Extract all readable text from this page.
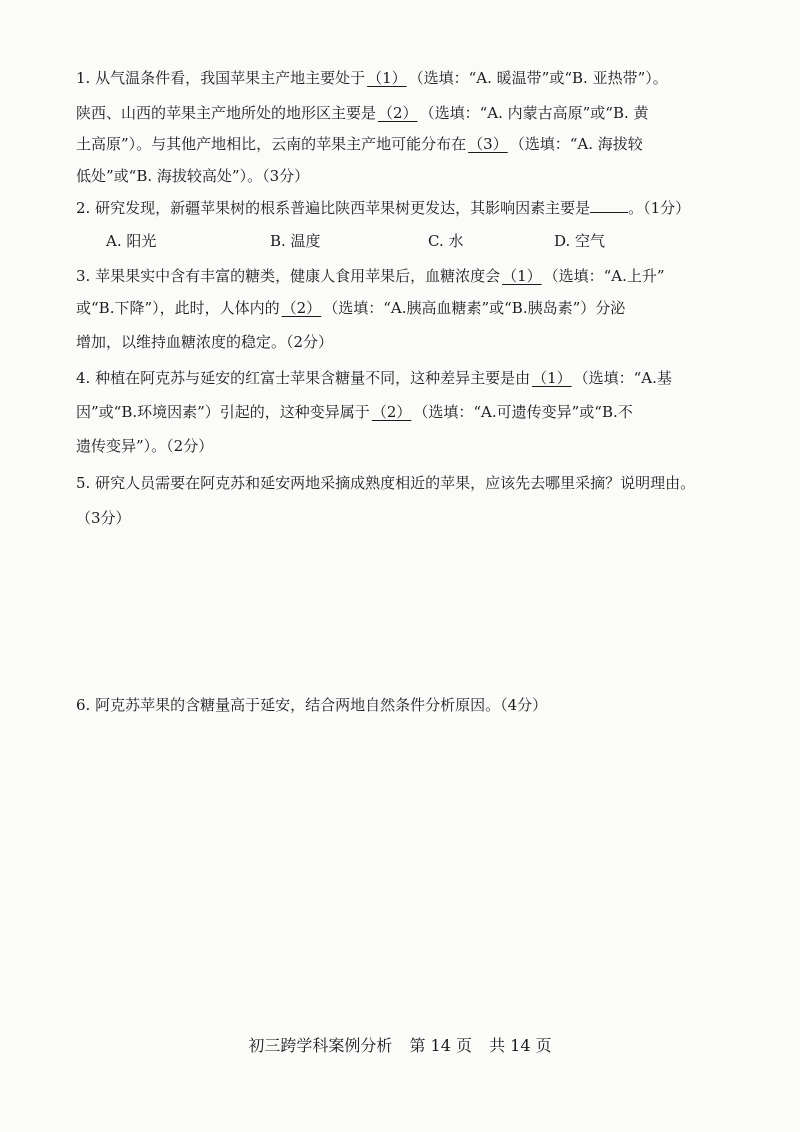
1. 从气温条件看，我国苹果主产地主要处于 （1） （选填：“A. 暖温带”或“B. 亚热带”）。
陕西、山西的苹果主产地所处的地形区主要是 （2） （选填：“A. 内蒙古高原”或“B. 黄
土高原”）。与其他产地相比，云南的苹果主产地可能分布在 （3） （选填：“A. 海拔较
低处”或“B. 海拔较高处”）。（3分）
2. 研究发现，新疆苹果树的根系普遍比陕西苹果树更发达，其影响因素主要是	。（1分）
A. 阳光	B. 温度	C. 水	D. 空气
3. 苹果果实中含有丰富的糖类，健康人食用苹果后，血糖浓度会 （1） （选填：“A.上升”
或“B.下降”），此时，人体内的 （2） （选填：“A.胰高血糖素”或“B.胰岛素”）分泌
增加，以维持血糖浓度的稳定。（2分）
4. 种植在阿克苏与延安的红富士苹果含糖量不同，这种差异主要是由 （1） （选填：“A.基
因”或“B.环境因素”）引起的，这种变异属于 （2） （选填：“A.可遗传变异”或“B.不
遗传变异”）。（2分）
5. 研究人员需要在阿克苏和延安两地采摘成熟度相近的苹果，应该先去哪里采摘？说明理由。
（3分）
6. 阿克苏苹果的含糖量高于延安，结合两地自然条件分析原因。（4分）
初三跨学科案例分析 第 14 页 共 14 页
